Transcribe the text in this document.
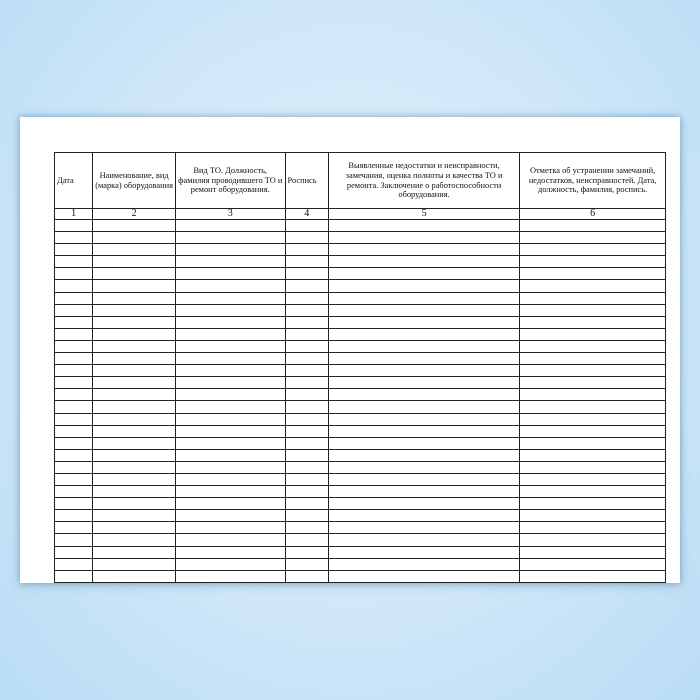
Дата	Наименование, вид (марка) оборудования	Вид ТО. Должность, фамилия проводившего ТО и ремонт оборудования.	Роспись	Выявленные недостатки и неисправности, замечания, оценка полноты и качества ТО и ремонта. Заключение о работоспособности оборудования.	Отметка об устранении замечаний, недостатков, неисправностей. Дата, должность, фамилия, роспись.
1	2	3	4	5	6
